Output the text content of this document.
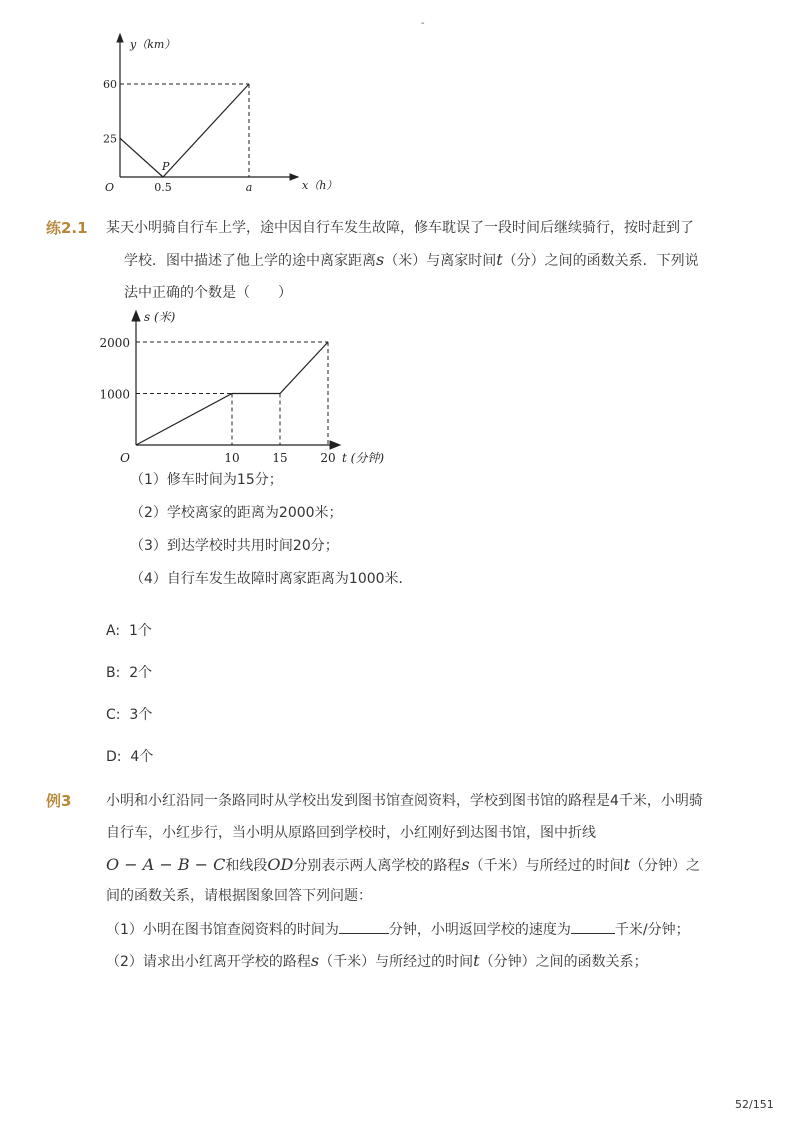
-
y（km）
x（h）
O
25
60
0.5	a
P
练2.1 某天小明骑自行车上学，途中因自行车发生故障，修车耽误了一段时间后继续骑行，按时赶到了
学校．图中描述了他上学的途中离家距离s（米）与离家时间t（分）之间的函数关系．下列说
法中正确的个数是（　　）
s (米)
t (分钟)
O
1000
2000
10	15	20
（1）修车时间为15分；
（2）学校离家的距离为2000米；
（3）到达学校时共用时间20分；
（4）自行车发生故障时离家距离为1000米．
A: 1个
B: 2个
C: 3个
D: 4个
例3 小明和小红沿同一条路同时从学校出发到图书馆查阅资料，学校到图书馆的路程是4千米，小明骑
自行车，小红步行，当小明从原路回到学校时，小红刚好到达图书馆，图中折线
O − A − B − C和线段OD分别表示两人离学校的路程s（千米）与所经过的时间t（分钟）之
间的函数关系，请根据图象回答下列问题：
（1）小明在图书馆查阅资料的时间为	分钟，小明返回学校的速度为	千米/分钟；
（2）请求出小红离开学校的路程s（千米）与所经过的时间t（分钟）之间的函数关系；
52/151
